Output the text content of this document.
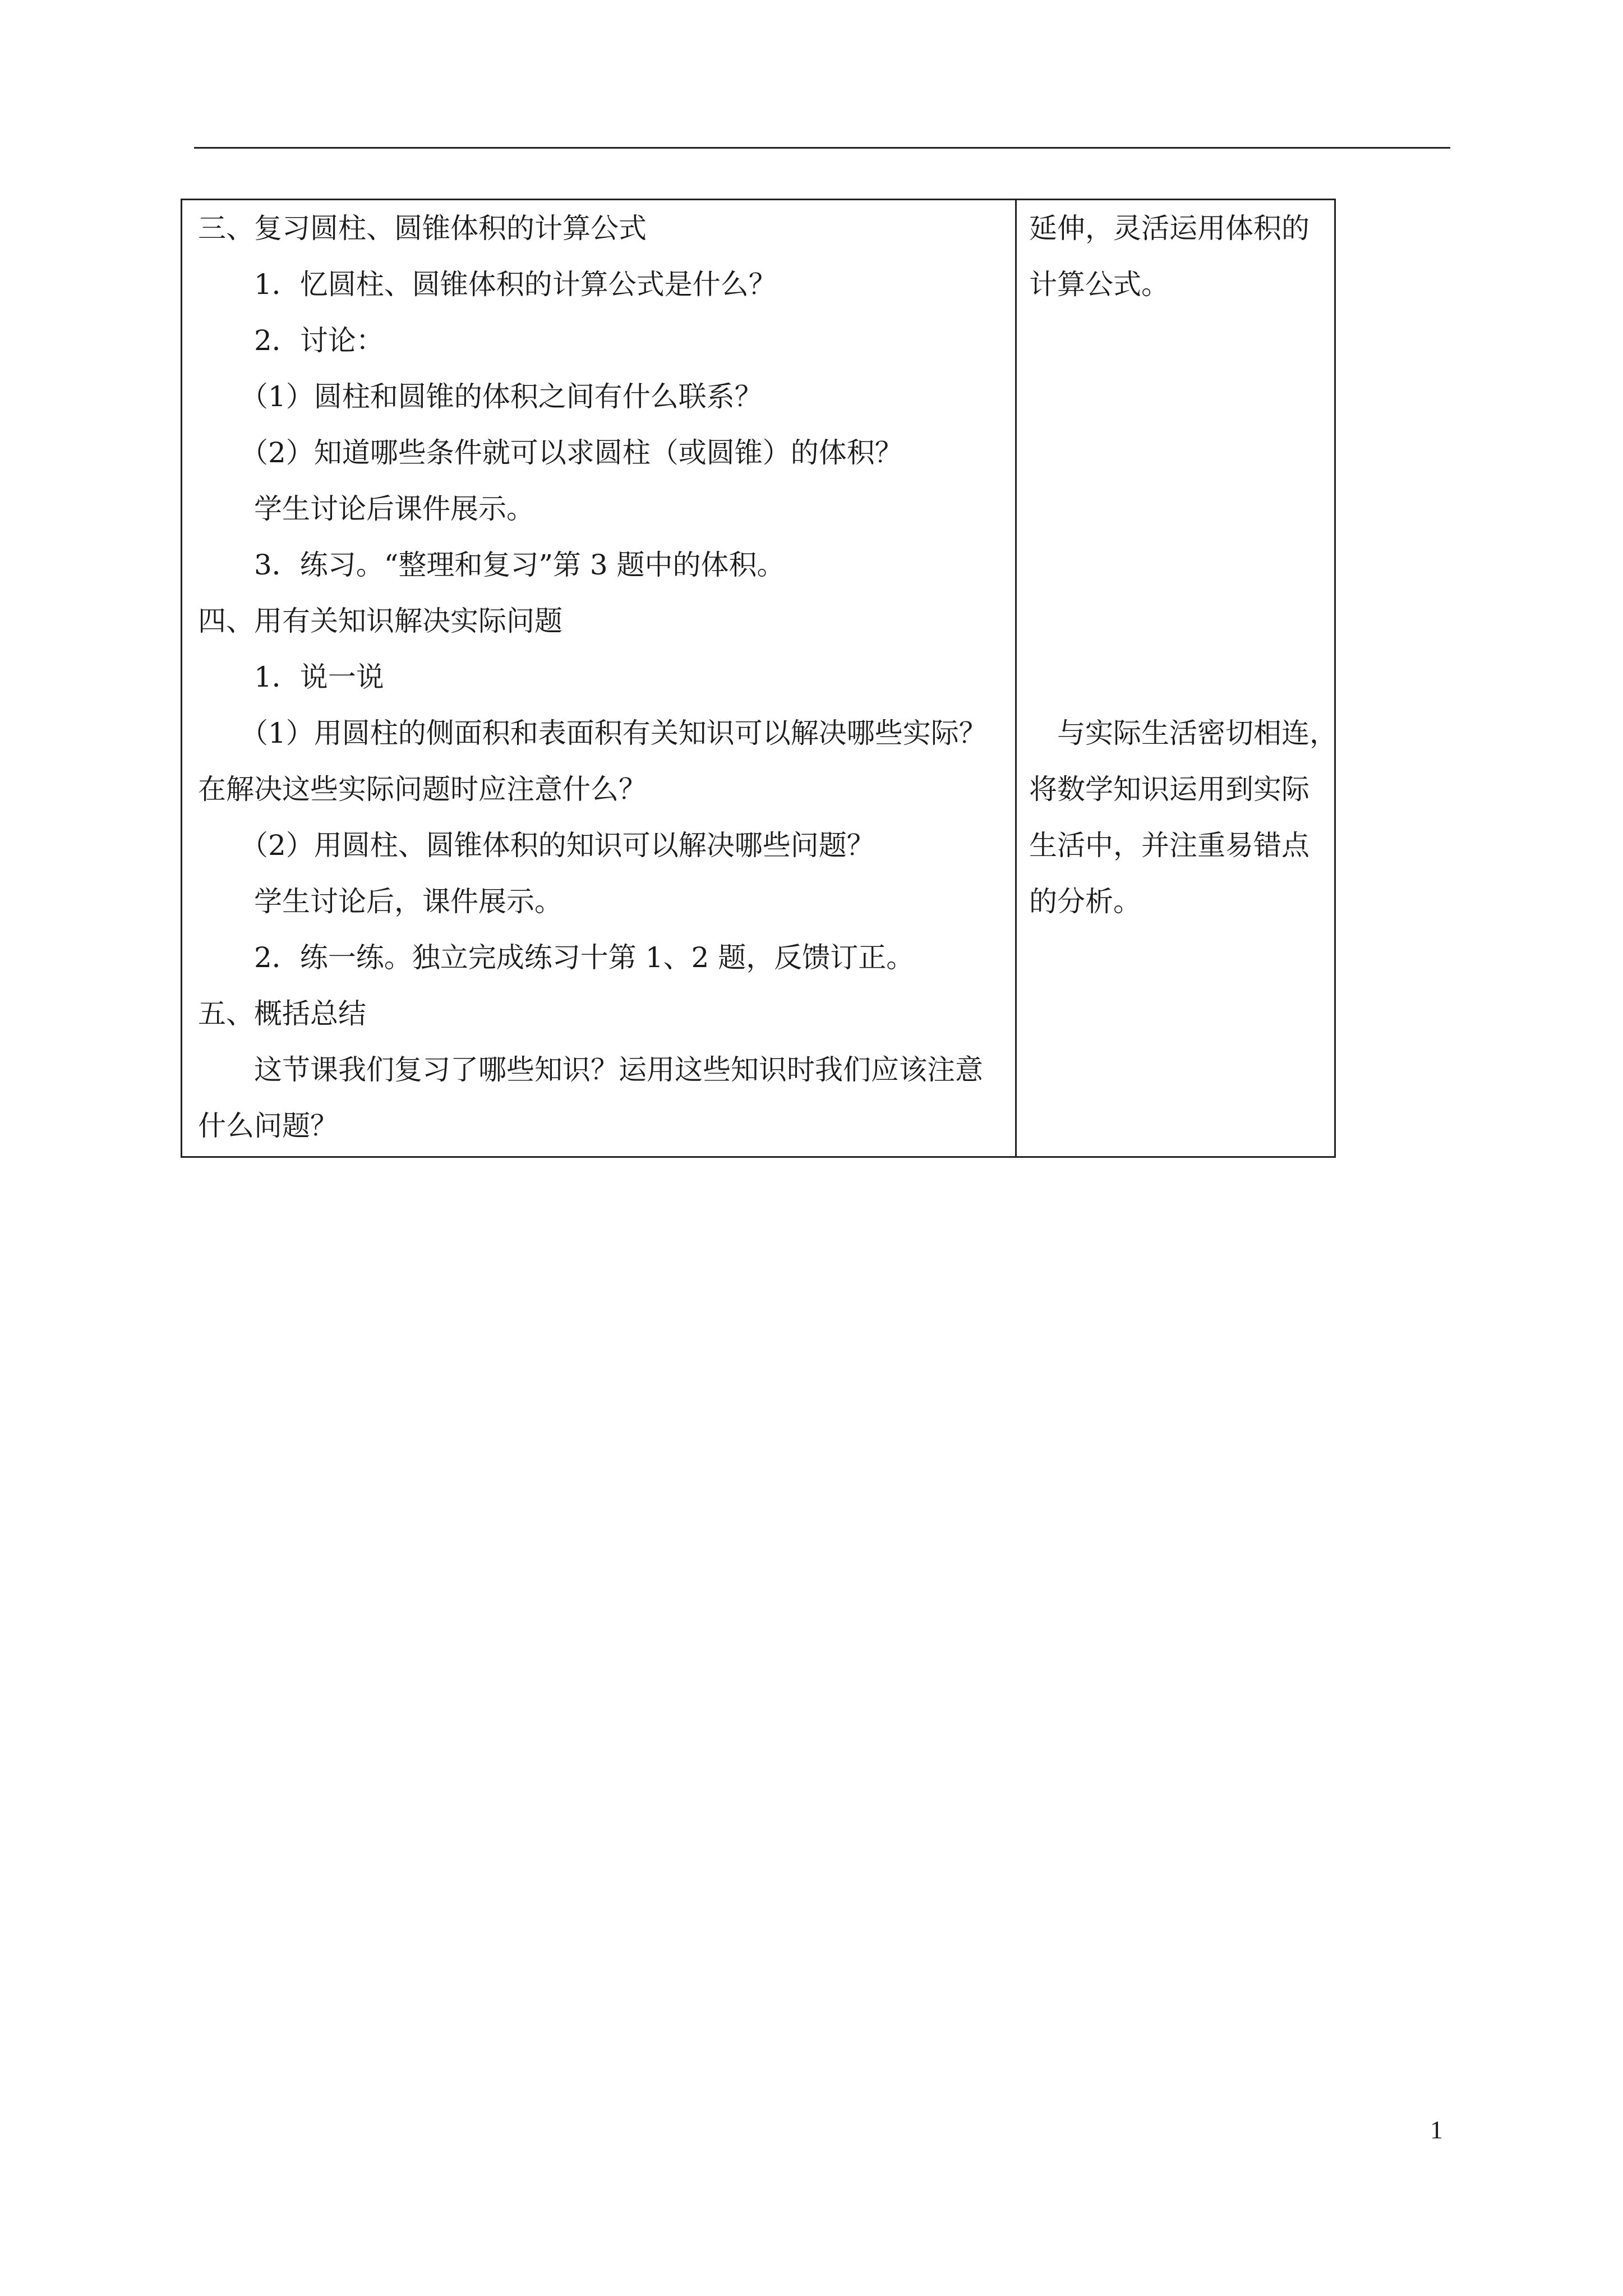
三、复习圆柱、圆锥体积的计算公式
　　1．忆圆柱、圆锥体积的计算公式是什么？
　　2．讨论：
　　（1）圆柱和圆锥的体积之间有什么联系？
　　（2）知道哪些条件就可以求圆柱（或圆锥）的体积？
　　学生讨论后课件展示。
　　3．练习。“整理和复习”第 3 题中的体积。
四、用有关知识解决实际问题
　　1．说一说
　　（1）用圆柱的侧面积和表面积有关知识可以解决哪些实际？
在解决这些实际问题时应注意什么？
　　（2）用圆柱、圆锥体积的知识可以解决哪些问题？
　　学生讨论后，课件展示。
　　2．练一练。独立完成练习十第 1、2 题，反馈订正。
五、概括总结
　　这节课我们复习了哪些知识？运用这些知识时我们应该注意
什么问题？
延伸，灵活运用体积的
计算公式。
　与实际生活密切相连，
将数学知识运用到实际
生活中，并注重易错点
的分析。
1
